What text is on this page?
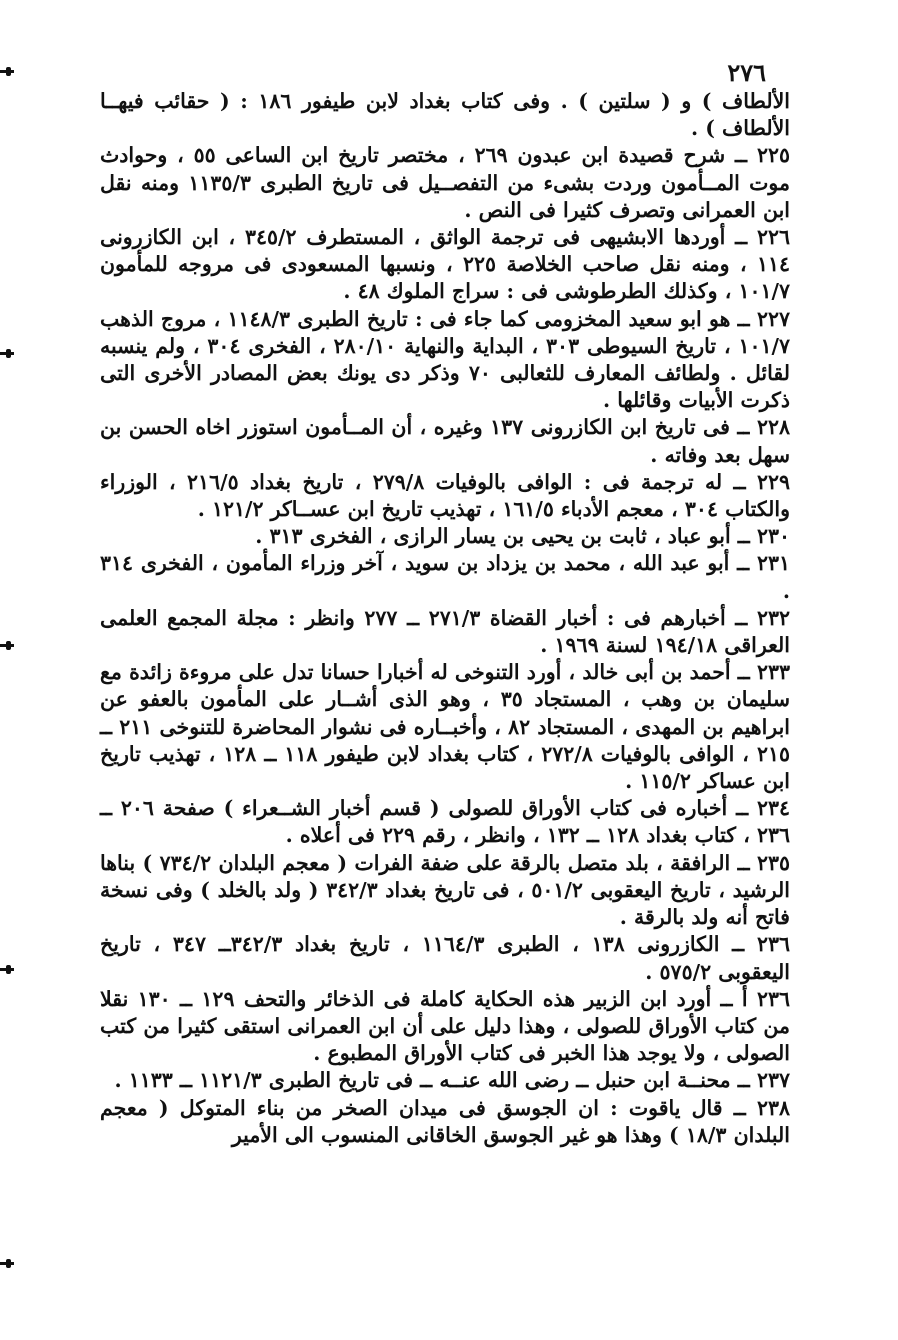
٢٧٦

الألطاف ) و ( سلتين ) . وفى كتاب بغداد لابن طيفور ١٨٦ : ( حقائب فيهــا الألطاف ) .

٢٢٥ ــ شرح قصيدة ابن عبدون ٢٦٩ ، مختصر تاريخ ابن الساعى ٥٥ ، وحوادث موت المــأمون وردت بشىء من التفصــيل فى تاريخ الطبرى ١١٣٥/٣ ومنه نقل ابن العمرانى وتصرف كثيرا فى النص .

٢٢٦ ــ أوردها الابشيهى فى ترجمة الواثق ، المستطرف ٣٤٥/٢ ، ابن الكازرونى ١١٤ ، ومنه نقل صاحب الخلاصة ٢٢٥ ، ونسبها المسعودى فى مروجه للمأمون ١٠١/٧ ، وكذلك الطرطوشى فى : سراج الملوك ٤٨ .

٢٢٧ ــ هو ابو سعيد المخزومى كما جاء فى : تاريخ الطبرى ١١٤٨/٣ ، مروج الذهب ١٠١/٧ ، تاريخ السيوطى ٣٠٣ ، البداية والنهاية ٢٨٠/١٠ ، الفخرى ٣٠٤ ، ولم ينسبه لقائل . ولطائف المعارف للثعالبى ٧٠ وذكر دى يونك بعض المصادر الأخرى التى ذكرت الأبيات وقائلها .

٢٢٨ ــ فى تاريخ ابن الكازرونى ١٣٧ وغيره ، أن المــأمون استوزر اخاه الحسن بن سهل بعد وفاته .

٢٢٩ ــ له ترجمة فى : الوافى بالوفيات ٢٧٩/٨ ، تاريخ بغداد ٢١٦/٥ ، الوزراء والكتاب ٣٠٤ ، معجم الأدباء ١٦١/٥ ، تهذيب تاريخ ابن عســاكر ١٢١/٢ .

٢٣٠ ــ أبو عباد ، ثابت بن يحيى بن يسار الرازى ، الفخرى ٣١٣ .

٢٣١ ــ أبو عبد الله ، محمد بن يزداد بن سويد ، آخر وزراء المأمون ، الفخرى ٣١٤ .

٢٣٢ ــ أخبارهم فى : أخبار القضاة ٢٧١/٣ ــ ٢٧٧ وانظر : مجلة المجمع العلمى العراقى ١٩٤/١٨ لسنة ١٩٦٩ .

٢٣٣ ــ أحمد بن أبى خالد ، أورد التنوخى له أخبارا حسانا تدل على مروءة زائدة مع سليمان بن وهب ، المستجاد ٣٥ ، وهو الذى أشــار على المأمون بالعفو عن ابراهيم بن المهدى ، المستجاد ٨٢ ، وأخبــاره فى نشوار المحاضرة للتنوخى ٢١١ ــ ٢١٥ ، الوافى بالوفيات ٢٧٢/٨ ، كتاب بغداد لابن طيفور ١١٨ ــ ١٢٨ ، تهذيب تاريخ ابن عساكر ١١٥/٢ .

٢٣٤ ــ أخباره فى كتاب الأوراق للصولى ( قسم أخبار الشــعراء ) صفحة ٢٠٦ ــ ٢٣٦ ، كتاب بغداد ١٢٨ ــ ١٣٢ ، وانظر ، رقم ٢٢٩ فى أعلاه .

٢٣٥ ــ الرافقة ، بلد متصل بالرقة على ضفة الفرات ( معجم البلدان ٧٣٤/٢ ) بناها الرشيد ، تاريخ اليعقوبى ٥٠١/٢ ، فى تاريخ بغداد ٣٤٢/٣ ( ولد بالخلد ) وفى نسخة فاتح أنه ولد بالرقة .

٢٣٦ ــ الكازرونى ١٣٨ ، الطبرى ١١٦٤/٣ ، تاريخ بغداد ٣٤٢/٣ــ ٣٤٧ ، تاريخ اليعقوبى ٥٧٥/٢ .

٢٣٦ أ ــ أورد ابن الزبير هذه الحكاية كاملة فى الذخائر والتحف ١٢٩ ــ ١٣٠ نقلا من كتاب الأوراق للصولى ، وهذا دليل على أن ابن العمرانى استقى كثيرا من كتب الصولى ، ولا يوجد هذا الخبر فى كتاب الأوراق المطبوع .

٢٣٧ ــ محنــة ابن حنبل ــ رضى الله عنــه ــ فى تاريخ الطبرى ١١٢١/٣ ــ ١١٣٣ .

٢٣٨ ــ قال ياقوت : ان الجوسق فى ميدان الصخر من بناء المتوكل ( معجم البلدان ١٨/٣ ) وهذا هو غير الجوسق الخاقانى المنسوب الى الأمير
